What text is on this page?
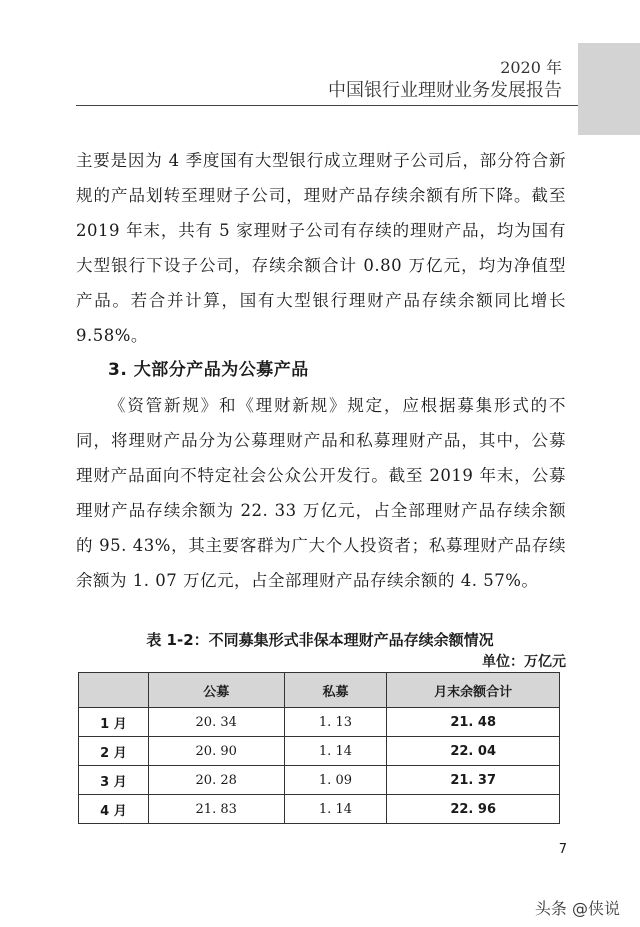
2020 年
中国银行业理财业务发展报告

主要是因为 4 季度国有大型银行成立理财子公司后，部分符合新规的产品划转至理财子公司，理财产品存续余额有所下降。截至 2019 年末，共有 5 家理财子公司有存续的理财产品，均为国有大型银行下设子公司，存续余额合计 0.80 万亿元，均为净值型产品。若合并计算，国有大型银行理财产品存续余额同比增长 9.58%。

3. 大部分产品为公募产品

《资管新规》和《理财新规》规定，应根据募集形式的不同，将理财产品分为公募理财产品和私募理财产品，其中，公募理财产品面向不特定社会公众公开发行。截至 2019 年末，公募理财产品存续余额为 22. 33 万亿元，占全部理财产品存续余额的 95. 43%，其主要客群为广大个人投资者；私募理财产品存续余额为 1. 07 万亿元，占全部理财产品存续余额的 4. 57%。

表 1-2：不同募集形式非保本理财产品存续余额情况
单位：万亿元
	公募	私募	月末余额合计
1 月	20. 34	1. 13	21. 48
2 月	20. 90	1. 14	22. 04
3 月	20. 28	1. 09	21. 37
4 月	21. 83	1. 14	22. 96
7
头条 @侠说
